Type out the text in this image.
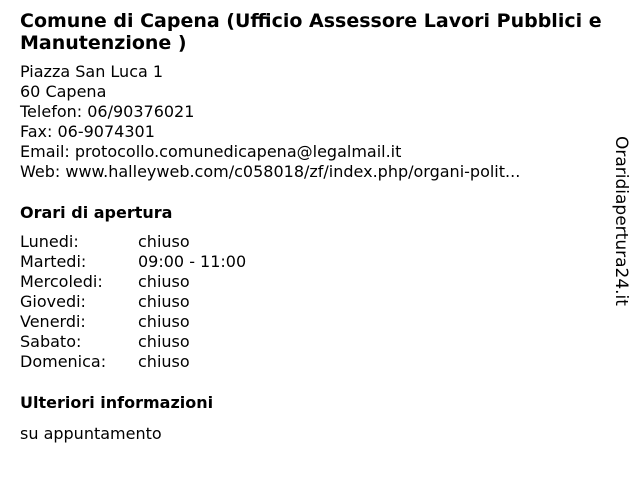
Comune di Capena (Ufficio Assessore Lavori Pubblici e Manutenzione )
Piazza San Luca 1
60 Capena
Telefon: 06/90376021
Fax: 06-9074301
Email: protocollo.comunedicapena@legalmail.it
Web: www.halleyweb.com/c058018/zf/index.php/organi-polit...
Orari di apertura
Lunedi:	chiuso
Martedi:	09:00 - 11:00
Mercoledi:	chiuso
Giovedi:	chiuso
Venerdi:	chiuso
Sabato:	chiuso
Domenica:	chiuso
Ulteriori informazioni
su appuntamento
Oraridiapertura24.it
